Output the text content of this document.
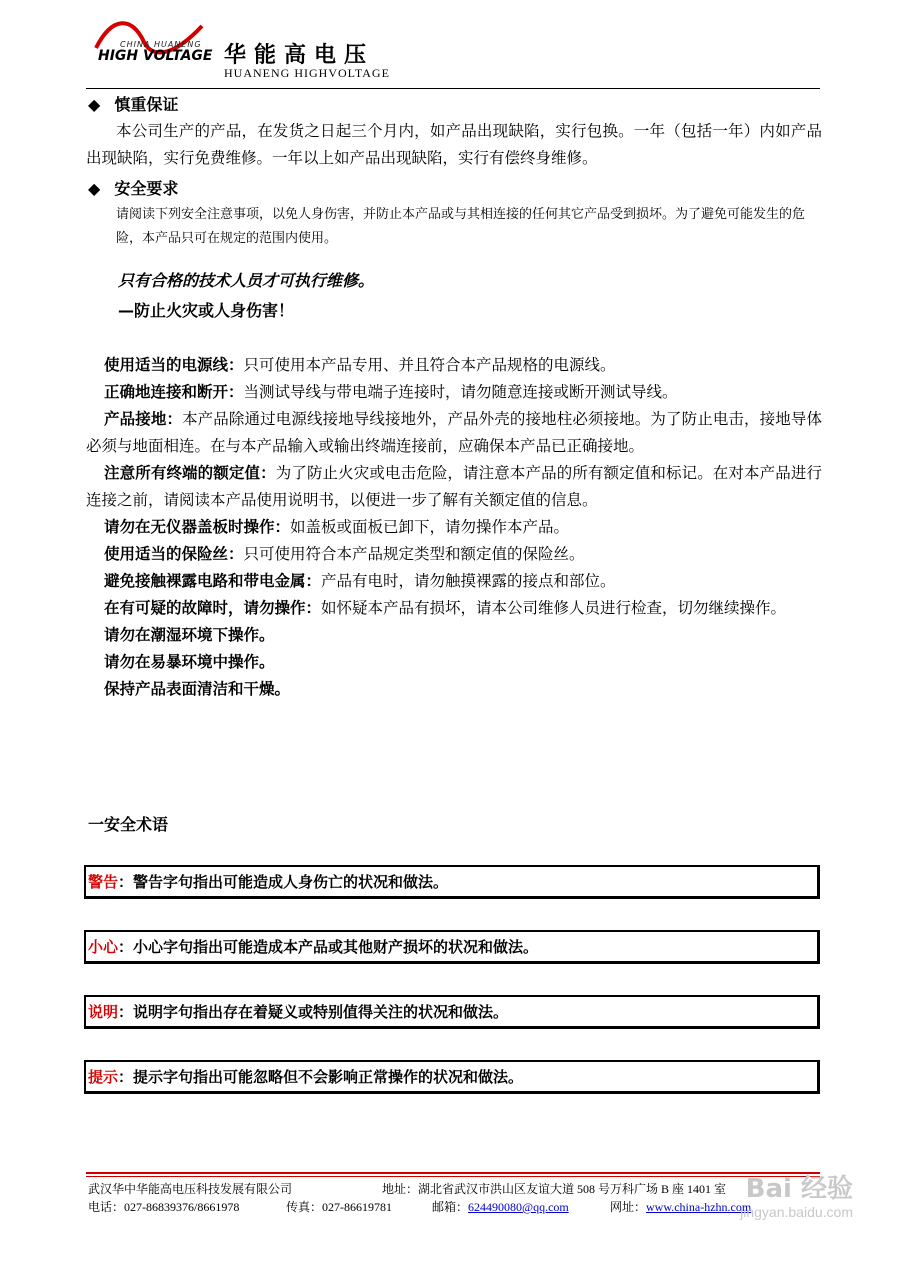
CHINA HUANENG
HIGH VOLTAGE 华能高电压
HUANENG HIGHVOLTAGE
◆ 慎重保证
本公司生产的产品，在发货之日起三个月内，如产品出现缺陷，实行包换。一年（包括一年）内如产品出现缺陷，实行免费维修。一年以上如产品出现缺陷，实行有偿终身维修。
◆ 安全要求
请阅读下列安全注意事项，以免人身伤害，并防止本产品或与其相连接的任何其它产品受到损坏。为了避免可能发生的危险，本产品只可在规定的范围内使用。
只有合格的技术人员才可执行维修。
—防止火灾或人身伤害！
使用适当的电源线：只可使用本产品专用、并且符合本产品规格的电源线。
正确地连接和断开：当测试导线与带电端子连接时，请勿随意连接或断开测试导线。
产品接地：本产品除通过电源线接地导线接地外，产品外壳的接地柱必须接地。为了防止电击，接地导体必须与地面相连。在与本产品输入或输出终端连接前，应确保本产品已正确接地。
注意所有终端的额定值：为了防止火灾或电击危险，请注意本产品的所有额定值和标记。在对本产品进行连接之前，请阅读本产品使用说明书，以便进一步了解有关额定值的信息。
请勿在无仪器盖板时操作：如盖板或面板已卸下，请勿操作本产品。
使用适当的保险丝：只可使用符合本产品规定类型和额定值的保险丝。
避免接触裸露电路和带电金属：产品有电时，请勿触摸裸露的接点和部位。
在有可疑的故障时，请勿操作：如怀疑本产品有损坏，请本公司维修人员进行检查，切勿继续操作。
请勿在潮湿环境下操作。
请勿在易暴环境中操作。
保持产品表面清洁和干燥。
一安全术语
警告：警告字句指出可能造成人身伤亡的状况和做法。
小心：小心字句指出可能造成本产品或其他财产损坏的状况和做法。
说明：说明字句指出存在着疑义或特别值得关注的状况和做法。
提示：提示字句指出可能忽略但不会影响正常操作的状况和做法。
武汉华中华能高电压科技发展有限公司	地址：湖北省武汉市洪山区友谊大道 508 号万科广场 B 座 1401 室
电话：027-86839376/8661978	传真：027-86619781	邮箱：624490080@qq.com	网址：www.china-hzhn.com
Bai 经验
jingyan.baidu.com
